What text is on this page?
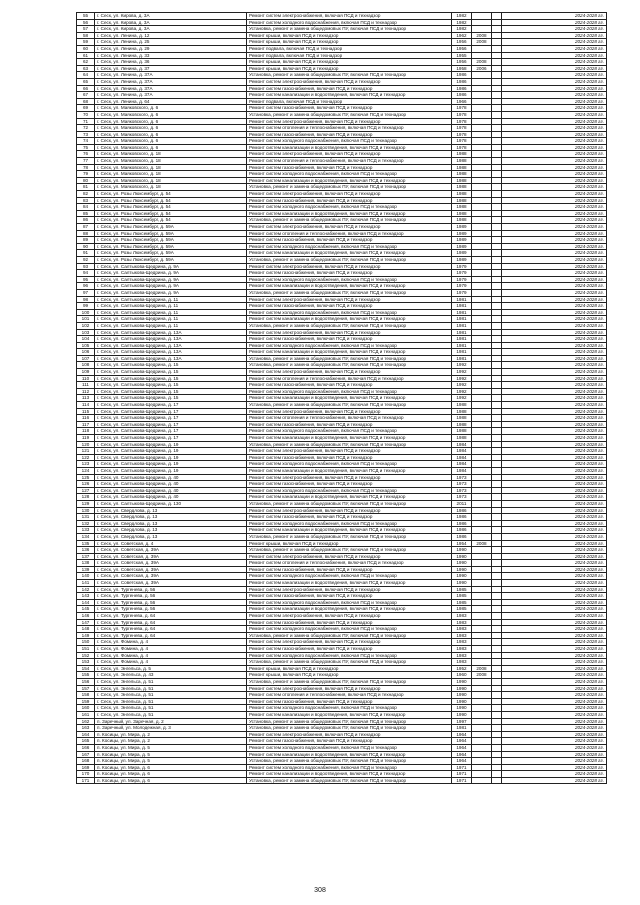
55	г. Сеск, ул. Кирова, д. 3А	Ремонт систем электроснабжения, включая ПСД и технадзор	1982			2024-2028 гг.
56	г. Сеск, ул. Кирова, д. 3А	Ремонт систем холодного водоснабжения, включая ПСД и технадзор	1982			2024-2028 гг.
57	г. Сеск, ул. Кирова, д. 3А	Установка, ремонт и замена общедомовых ПУ, включая ПСД и технадзор	1982			2024-2028 гг.
58	г. Сеск, ул. Ленина, д. 12	Ремонт крыши, включая ПСД и технадзор	1962	2008		2024-2028 гг.
59	г. Сеск, ул. Ленина, д. 25	Ремонт крыши, включая ПСД и технадзор	1956	2008		2024-2028 гг.
60	г. Сеск, ул. Ленина, д. 29	Ремонт подвала, включая ПСД и технадзор	1956			2024-2028 гг.
61	г. Сеск, ул. Ленина, д. 33	Ремонт подвала, включая ПСД и технадзор	1955			2024-2028 гг.
62	г. Сеск, ул. Ленина, д. 36	Ремонт крыши, включая ПСД и технадзор	1956	2008		2024-2028 гг.
63	г. Сеск, ул. Ленина, д. 37	Ремонт крыши, включая ПСД и технадзор	1958	2006		2024-2028 гг.
64	г. Сеск, ул. Ленина, д. 37А	Установка, ремонт и замена общедомовых ПУ, включая ПСД и технадзор	1986			2024-2028 гг.
65	г. Сеск, ул. Ленина, д. 37А	Ремонт систем электроснабжения, включая ПСД и технадзор	1986			2024-2028 гг.
66	г. Сеск, ул. Ленина, д. 37А	Ремонт систем газоснабжения, включая ПСД и технадзор	1986			2024-2028 гг.
67	г. Сеск, ул. Ленина, д. 37А	Ремонт систем канализации и водоотведения, включая ПСД и технадзор	1986			2024-2028 гг.
68	г. Сеск, ул. Ленина, д. 64	Ремонт подвала, включая ПСД и технадзор	1966			2024-2028 гг.
69	г. Сеск, ул. Маяковского, д. 6	Ремонт систем газоснабжения, включая ПСД и технадзор	1978			2024-2028 гг.
70	г. Сеск, ул. Маяковского, д. 6	Установка, ремонт и замена общедомовых ПУ, включая ПСД и технадзор	1978			2024-2028 гг.
71	г. Сеск, ул. Маяковского, д. 6	Ремонт систем электроснабжения, включая ПСД и технадзор	1978			2024-2028 гг.
72	г. Сеск, ул. Маяковского, д. 6	Ремонт систем отопления и теплоснабжения, включая ПСД и технадзор	1978			2024-2028 гг.
73	г. Сеск, ул. Маяковского, д. 6	Ремонт систем газоснабжения, включая ПСД и технадзор	1978			2024-2028 гг.
74	г. Сеск, ул. Маяковского, д. 6	Ремонт систем холодного водоснабжения, включая ПСД и технадзор	1978			2024-2028 гг.
75	г. Сеск, ул. Маяковского, д. 6	Ремонт систем канализации и водоотведения, включая ПСД и технадзор	1978			2024-2028 гг.
76	г. Сеск, ул. Маяковского, д. 18	Ремонт систем электроснабжения, включая ПСД и технадзор	1988			2024-2028 гг.
77	г. Сеск, ул. Маяковского, д. 18	Ремонт систем отопления и теплоснабжения, включая ПСД и технадзор	1988			2024-2028 гг.
78	г. Сеск, ул. Маяковского, д. 18	Ремонт систем газоснабжения, включая ПСД и технадзор	1988			2024-2028 гг.
79	г. Сеск, ул. Маяковского, д. 18	Ремонт систем холодного водоснабжения, включая ПСД и технадзор	1988			2024-2028 гг.
80	г. Сеск, ул. Маяковского, д. 18	Ремонт систем канализации и водоотведения, включая ПСД и технадзор	1988			2024-2028 гг.
81	г. Сеск, ул. Маяковского, д. 18	Установка, ремонт и замена общедомовых ПУ, включая ПСД и технадзор	1988			2024-2028 гг.
82	г. Сеск, ул. Розы Люксембург, д. 54	Ремонт систем электроснабжения, включая ПСД и технадзор	1988			2024-2028 гг.
83	г. Сеск, ул. Розы Люксембург, д. 54	Ремонт систем газоснабжения, включая ПСД и технадзор	1988			2024-2028 гг.
84	г. Сеск, ул. Розы Люксембург, д. 54	Ремонт систем холодного водоснабжения, включая ПСД и технадзор	1988			2024-2028 гг.
85	г. Сеск, ул. Розы Люксембург, д. 54	Ремонт систем канализации и водоотведения, включая ПСД и технадзор	1988			2024-2028 гг.
86	г. Сеск, ул. Розы Люксембург, д. 54	Установка, ремонт и замена общедомовых ПУ, включая ПСД и технадзор	1988			2024-2028 гг.
87	г. Сеск, ул. Розы Люксембург, д. 59А	Ремонт систем электроснабжения, включая ПСД и технадзор	1989			2024-2028 гг.
88	г. Сеск, ул. Розы Люксембург, д. 59А	Ремонт систем отопления и теплоснабжения, включая ПСД и технадзор	1989			2024-2028 гг.
89	г. Сеск, ул. Розы Люксембург, д. 59А	Ремонт систем газоснабжения, включая ПСД и технадзор	1989			2024-2028 гг.
90	г. Сеск, ул. Розы Люксембург, д. 59А	Ремонт систем холодного водоснабжения, включая ПСД и технадзор	1989			2024-2028 гг.
91	г. Сеск, ул. Розы Люксембург, д. 59А	Ремонт систем канализации и водоотведения, включая ПСД и технадзор	1989			2024-2028 гг.
92	г. Сеск, ул. Розы Люксембург, д. 59А	Установка, ремонт и замена общедомовых ПУ, включая ПСД и технадзор	1989			2024-2028 гг.
93	г. Сеск, ул. Салтыкова-Щедрина, д. 9А	Ремонт систем электроснабжения, включая ПСД и технадзор	1979			2024-2028 гг.
94	г. Сеск, ул. Салтыкова-Щедрина, д. 9А	Ремонт систем газоснабжения, включая ПСД и технадзор	1979			2024-2028 гг.
95	г. Сеск, ул. Салтыкова-Щедрина, д. 9А	Ремонт систем холодного водоснабжения, включая ПСД и технадзор	1979			2024-2028 гг.
96	г. Сеск, ул. Салтыкова-Щедрина, д. 9А	Ремонт систем канализации и водоотведения, включая ПСД и технадзор	1979			2024-2028 гг.
97	г. Сеск, ул. Салтыкова-Щедрина, д. 9А	Установка, ремонт и замена общедомовых ПУ, включая ПСД и технадзор	1979			2024-2028 гг.
98	г. Сеск, ул. Салтыкова-Щедрина, д. 11	Ремонт систем электроснабжения, включая ПСД и технадзор	1981			2024-2028 гг.
99	г. Сеск, ул. Салтыкова-Щедрина, д. 11	Ремонт систем газоснабжения, включая ПСД и технадзор	1981			2024-2028 гг.
100	г. Сеск, ул. Салтыкова-Щедрина, д. 11	Ремонт систем холодного водоснабжения, включая ПСД и технадзор	1981			2024-2028 гг.
101	г. Сеск, ул. Салтыкова-Щедрина, д. 11	Ремонт систем канализации и водоотведения, включая ПСД и технадзор	1981			2024-2028 гг.
102	г. Сеск, ул. Салтыкова-Щедрина, д. 11	Установка, ремонт и замена общедомовых ПУ, включая ПСД и технадзор	1981			2024-2028 гг.
103	г. Сеск, ул. Салтыкова-Щедрина, д. 13А	Ремонт систем электроснабжения, включая ПСД и технадзор	1981			2024-2028 гг.
104	г. Сеск, ул. Салтыкова-Щедрина, д. 13А	Ремонт систем газоснабжения, включая ПСД и технадзор	1981			2024-2028 гг.
105	г. Сеск, ул. Салтыкова-Щедрина, д. 13А	Ремонт систем холодного водоснабжения, включая ПСД и технадзор	1981			2024-2028 гг.
106	г. Сеск, ул. Салтыкова-Щедрина, д. 13А	Ремонт систем канализации и водоотведения, включая ПСД и технадзор	1981			2024-2028 гг.
107	г. Сеск, ул. Салтыкова-Щедрина, д. 13А	Установка, ремонт и замена общедомовых ПУ, включая ПСД и технадзор	1981			2024-2028 гг.
108	г. Сеск, ул. Салтыкова-Щедрина, д. 15	Установка, ремонт и замена общедомовых ПУ, включая ПСД и технадзор	1992			2024-2028 гг.
109	г. Сеск, ул. Салтыкова-Щедрина, д. 15	Ремонт систем электроснабжения, включая ПСД и технадзор	1992			2024-2028 гг.
110	г. Сеск, ул. Салтыкова-Щедрина, д. 15	Ремонт систем отопления и теплоснабжения, включая ПСД и технадзор	1992			2024-2028 гг.
111	г. Сеск, ул. Салтыкова-Щедрина, д. 15	Ремонт систем газоснабжения, включая ПСД и технадзор	1992			2024-2028 гг.
112	г. Сеск, ул. Салтыкова-Щедрина, д. 15	Ремонт систем холодного водоснабжения, включая ПСД и технадзор	1992			2024-2028 гг.
113	г. Сеск, ул. Салтыкова-Щедрина, д. 15	Ремонт систем канализации и водоотведения, включая ПСД и технадзор	1992			2024-2028 гг.
114	г. Сеск, ул. Салтыкова-Щедрина, д. 17	Установка, ремонт и замена общедомовых ПУ, включая ПСД и технадзор	1988			2024-2028 гг.
115	г. Сеск, ул. Салтыкова-Щедрина, д. 17	Ремонт систем электроснабжения, включая ПСД и технадзор	1988			2024-2028 гг.
116	г. Сеск, ул. Салтыкова-Щедрина, д. 17	Ремонт систем отопления и теплоснабжения, включая ПСД и технадзор	1988			2024-2028 гг.
117	г. Сеск, ул. Салтыкова-Щедрина, д. 17	Ремонт систем газоснабжения, включая ПСД и технадзор	1988			2024-2028 гг.
118	г. Сеск, ул. Салтыкова-Щедрина, д. 17	Ремонт систем холодного водоснабжения, включая ПСД и технадзор	1988			2024-2028 гг.
119	г. Сеск, ул. Салтыкова-Щедрина, д. 17	Ремонт систем канализации и водоотведения, включая ПСД и технадзор	1988			2024-2028 гг.
120	г. Сеск, ул. Салтыкова-Щедрина, д. 19	Установка, ремонт и замена общедомовых ПУ, включая ПСД и технадзор	1984			2024-2028 гг.
121	г. Сеск, ул. Салтыкова-Щедрина, д. 19	Ремонт систем электроснабжения, включая ПСД и технадзор	1984			2024-2028 гг.
122	г. Сеск, ул. Салтыкова-Щедрина, д. 19	Ремонт систем газоснабжения, включая ПСД и технадзор	1984			2024-2028 гг.
123	г. Сеск, ул. Салтыкова-Щедрина, д. 19	Ремонт систем холодного водоснабжения, включая ПСД и технадзор	1984			2024-2028 гг.
124	г. Сеск, ул. Салтыкова-Щедрина, д. 19	Ремонт систем канализации и водоотведения, включая ПСД и технадзор	1984			2024-2028 гг.
125	г. Сеск, ул. Салтыкова-Щедрина, д. 40	Ремонт систем электроснабжения, включая ПСД и технадзор	1973			2024-2028 гг.
126	г. Сеск, ул. Салтыкова-Щедрина, д. 40	Ремонт систем газоснабжения, включая ПСД и технадзор	1973			2024-2028 гг.
127	г. Сеск, ул. Салтыкова-Щедрина, д. 40	Ремонт систем холодного водоснабжения, включая ПСД и технадзор	1973			2024-2028 гг.
128	г. Сеск, ул. Салтыкова-Щедрина, д. 40	Ремонт систем канализации и водоотведения, включая ПСД и технадзор	1973			2024-2028 гг.
129	г. Сеск, ул. Салтыкова-Щедрина, д. 130	Установка, ремонт и замена общедомовых ПУ, включая ПСД и технадзор	2011			2024-2028 гг.
130	г. Сеск, ул. Свердлова, д. 13	Ремонт систем электроснабжения, включая ПСД и технадзор	1986			2024-2028 гг.
131	г. Сеск, ул. Свердлова, д. 13	Ремонт систем газоснабжения, включая ПСД и технадзор	1986			2024-2028 гг.
132	г. Сеск, ул. Свердлова, д. 13	Ремонт систем холодного водоснабжения, включая ПСД и технадзор	1986			2024-2028 гг.
133	г. Сеск, ул. Свердлова, д. 13	Ремонт систем канализации и водоотведения, включая ПСД и технадзор	1986			2024-2028 гг.
134	г. Сеск, ул. Свердлова, д. 13	Установка, ремонт и замена общедомовых ПУ, включая ПСД и технадзор	1986			2024-2028 гг.
135	г. Сеск, ул. Советская, д. 4	Ремонт крыши, включая ПСД и технадзор	1954	2008		2024-2028 гг.
136	г. Сеск, ул. Советская, д. 39А	Установка, ремонт и замена общедомовых ПУ, включая ПСД и технадзор	1990			2024-2028 гг.
137	г. Сеск, ул. Советская, д. 39А	Ремонт систем электроснабжения, включая ПСД и технадзор	1990			2024-2028 гг.
138	г. Сеск, ул. Советская, д. 39А	Ремонт систем отопления и теплоснабжения, включая ПСД и технадзор	1990			2024-2028 гг.
139	г. Сеск, ул. Советская, д. 39А	Ремонт систем газоснабжения, включая ПСД и технадзор	1990			2024-2028 гг.
140	г. Сеск, ул. Советская, д. 39А	Ремонт систем холодного водоснабжения, включая ПСД и технадзор	1990			2024-2028 гг.
141	г. Сеск, ул. Советская, д. 39А	Ремонт систем канализации и водоотведения, включая ПСД и технадзор	1990			2024-2028 гг.
142	г. Сеск, ул. Тургенева, д. 56	Ремонт систем электроснабжения, включая ПСД и технадзор	1985			2024-2028 гг.
143	г. Сеск, ул. Тургенева, д. 56	Ремонт систем газоснабжения, включая ПСД и технадзор	1985			2024-2028 гг.
144	г. Сеск, ул. Тургенева, д. 56	Ремонт систем холодного водоснабжения, включая ПСД и технадзор	1985			2024-2028 гг.
145	г. Сеск, ул. Тургенева, д. 56	Ремонт систем канализации и водоотведения, включая ПСД и технадзор	1985			2024-2028 гг.
146	г. Сеск, ул. Тургенева, д. 64	Ремонт систем электроснабжения, включая ПСД и технадзор	1983			2024-2028 гг.
147	г. Сеск, ул. Тургенева, д. 64	Ремонт систем газоснабжения, включая ПСД и технадзор	1983			2024-2028 гг.
148	г. Сеск, ул. Тургенева, д. 64	Ремонт систем холодного водоснабжения, включая ПСД и технадзор	1983			2024-2028 гг.
149	г. Сеск, ул. Тургенева, д. 64	Установка, ремонт и замена общедомовых ПУ, включая ПСД и технадзор	1983			2024-2028 гг.
150	г. Сеск, ул. Фомина, д. 4	Ремонт систем электроснабжения, включая ПСД и технадзор	1983			2024-2028 гг.
151	г. Сеск, ул. Фомина, д. 4	Ремонт систем газоснабжения, включая ПСД и технадзор	1983			2024-2028 гг.
152	г. Сеск, ул. Фомина, д. 4	Ремонт систем холодного водоснабжения, включая ПСД и технадзор	1983			2024-2028 гг.
153	г. Сеск, ул. Фомина, д. 4	Установка, ремонт и замена общедомовых ПУ, включая ПСД и технадзор	1983			2024-2028 гг.
154	г. Сеск, ул. Энгельса, д. 5	Ремонт крыши, включая ПСД и технадзор	1952	2008		2024-2028 гг.
155	г. Сеск, ул. Энгельса, д. 43	Ремонт крыши, включая ПСД и технадзор	1960	2008		2024-2028 гг.
156	г. Сеск, ул. Энгельса, д. 51	Установка, ремонт и замена общедомовых ПУ, включая ПСД и технадзор	1990			2024-2028 гг.
157	г. Сеск, ул. Энгельса, д. 51	Ремонт систем электроснабжения, включая ПСД и технадзор	1990			2024-2028 гг.
158	г. Сеск, ул. Энгельса, д. 51	Ремонт систем отопления и теплоснабжения, включая ПСД и технадзор	1990			2024-2028 гг.
159	г. Сеск, ул. Энгельса, д. 51	Ремонт систем газоснабжения, включая ПСД и технадзор	1990			2024-2028 гг.
160	г. Сеск, ул. Энгельса, д. 51	Ремонт систем холодного водоснабжения, включая ПСД и технадзор	1990			2024-2028 гг.
161	г. Сеск, ул. Энгельса, д. 51	Ремонт систем канализации и водоотведения, включая ПСД и технадзор	1990			2024-2028 гг.
162	п. Заречный, ул. Заречная, д. 2	Установка, ремонт и замена общедомовых ПУ, включая ПСД и технадзор	1997			2024-2028 гг.
163	п. Заречный, ул. Молодежная, д. 3	Установка, ремонт и замена общедомовых ПУ, включая ПСД и технадзор	1981			2024-2028 гг.
164	п. Косицы, ул. Мира, д. 2	Ремонт систем электроснабжения, включая ПСД и технадзор	1964			2024-2028 гг.
165	п. Косицы, ул. Мира, д. 2	Ремонт систем газоснабжения, включая ПСД и технадзор	1964			2024-2028 гг.
166	п. Косицы, ул. Мира, д. 5	Ремонт систем холодного водоснабжения, включая ПСД и технадзор	1964			2024-2028 гг.
167	п. Косицы, ул. Мира, д. 5	Ремонт систем канализации и водоотведения, включая ПСД и технадзор	1964			2024-2028 гг.
168	п. Косицы, ул. Мира, д. 5	Установка, ремонт и замена общедомовых ПУ, включая ПСД и технадзор	1964			2024-2028 гг.
169	п. Косицы, ул. Мира, д. 6	Ремонт систем холодного водоснабжения, включая ПСД и технадзор	1971			2024-2028 гг.
170	п. Косицы, ул. Мира, д. 6	Ремонт систем канализации и водоотведения, включая ПСД и технадзор	1971			2024-2028 гг.
171	п. Косицы, ул. Мира, д. 6	Установка, ремонт и замена общедомовых ПУ, включая ПСД и технадзор	1971			2024-2028 гг.
308
